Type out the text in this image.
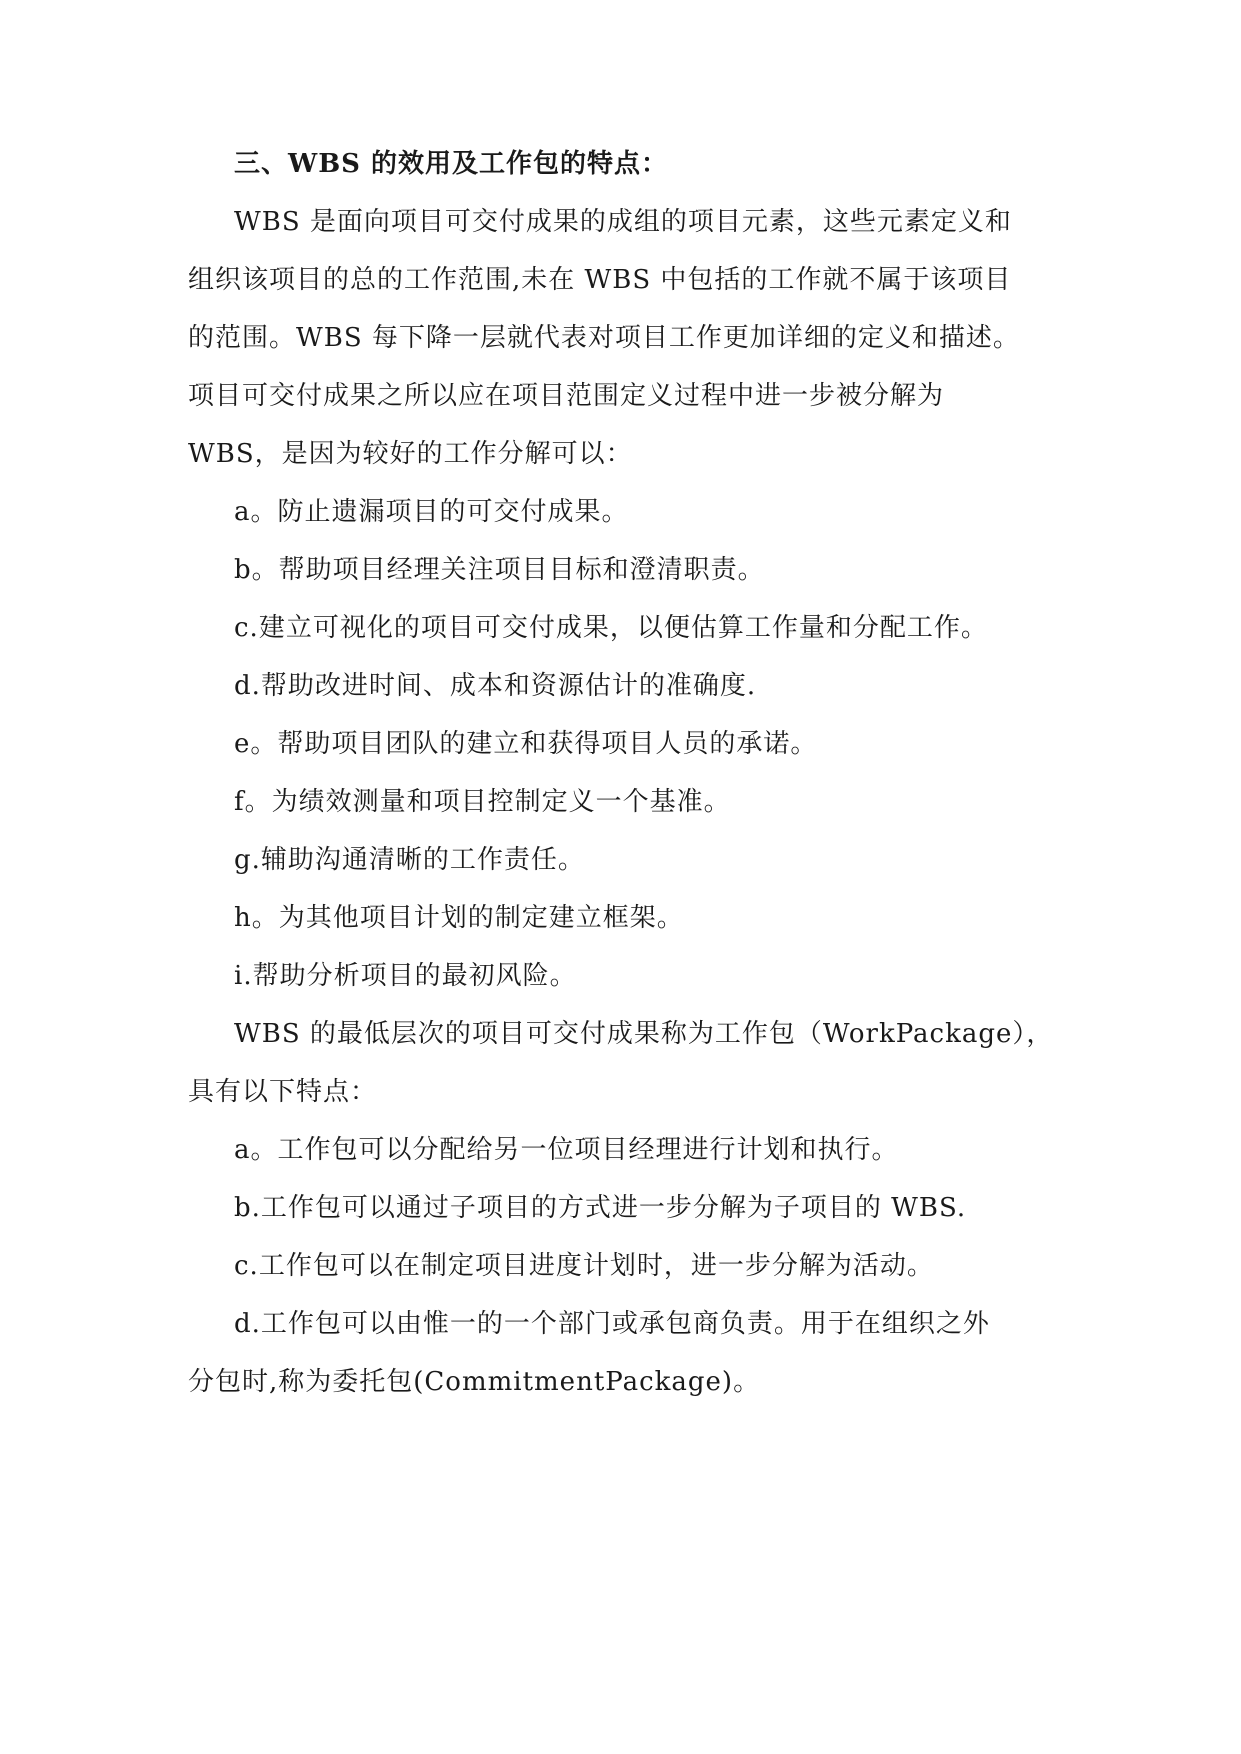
三、WBS 的效用及工作包的特点：
WBS 是面向项目可交付成果的成组的项目元素，这些元素定义和
组织该项目的总的工作范围,未在 WBS 中包括的工作就不属于该项目
的范围。WBS 每下降一层就代表对项目工作更加详细的定义和描述。
项目可交付成果之所以应在项目范围定义过程中进一步被分解为
WBS，是因为较好的工作分解可以：
a。防止遗漏项目的可交付成果。
b。帮助项目经理关注项目目标和澄清职责。
c.建立可视化的项目可交付成果，以便估算工作量和分配工作。
d.帮助改进时间、成本和资源估计的准确度.
e。帮助项目团队的建立和获得项目人员的承诺。
f。为绩效测量和项目控制定义一个基准。
g.辅助沟通清晰的工作责任。
h。为其他项目计划的制定建立框架。
i.帮助分析项目的最初风险。
WBS 的最低层次的项目可交付成果称为工作包（WorkPackage），
具有以下特点：
a。工作包可以分配给另一位项目经理进行计划和执行。
b.工作包可以通过子项目的方式进一步分解为子项目的 WBS.
c.工作包可以在制定项目进度计划时，进一步分解为活动。
d.工作包可以由惟一的一个部门或承包商负责。用于在组织之外
分包时,称为委托包(CommitmentPackage)。
